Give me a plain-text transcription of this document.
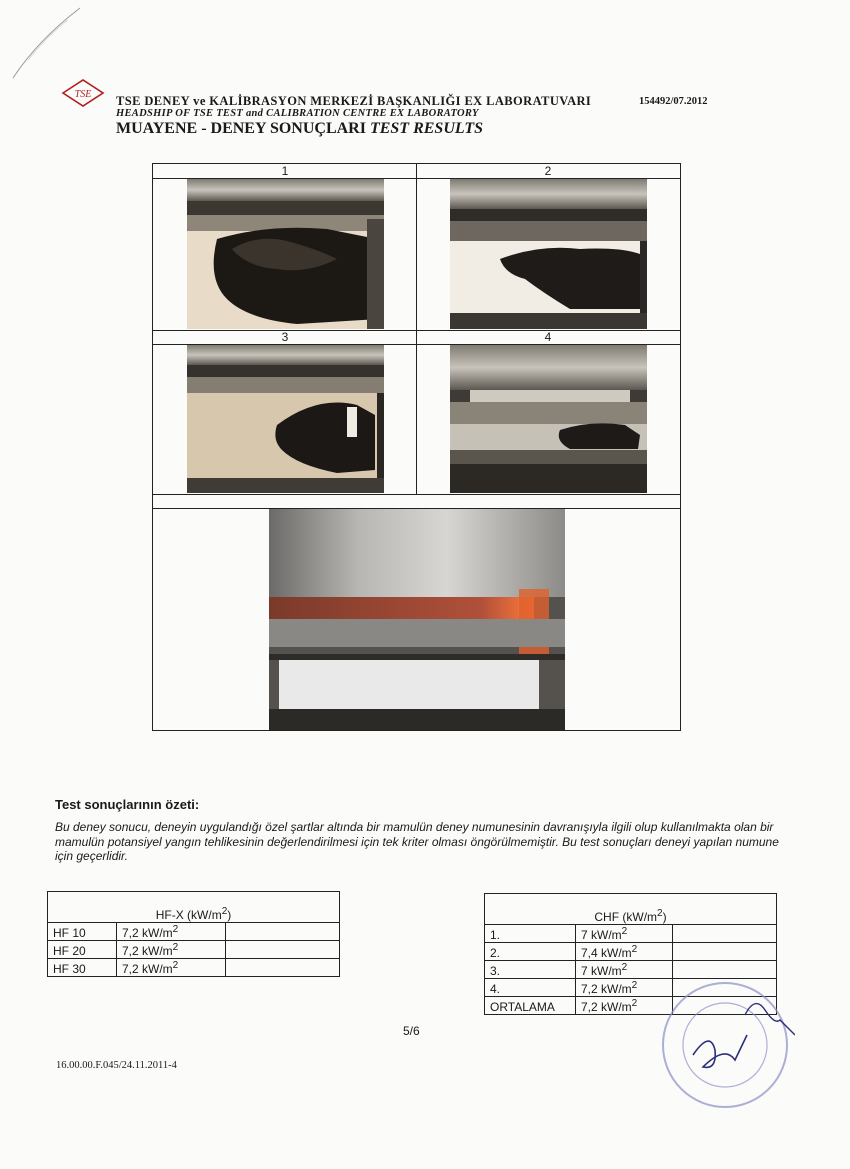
TSE TSE DENEY ve KALİBRASYON MERKEZİ BAŞKANLIĞI EX LABORATUVARI
HEADSHIP OF TSE TEST and CALIBRATION CENTRE EX LABORATORY
MUAYENE - DENEY SONUÇLARI TEST RESULTS
154492/07.2012
1	2
3	4
Test sonuçlarının özeti:
Bu deney sonucu, deneyin uygulandığı özel şartlar altında bir mamulün deney numunesinin davranışıyla ilgili olup kullanılmakta olan bir mamulün potansiyel yangın tehlikesinin değerlendirilmesi için tek kriter olması öngörülmemiştir. Bu test sonuçları deneyi yapılan numune için geçerlidir.
HF-X $(kW/m^2)$		
HF 10	7,2 $kW/m^2$	
HF 20	7,2 $kW/m^2$	
HF 30	7,2 $kW/m^2$	
CHF $(kW/m^2)$		
1.	7 $kW/m^2$	
2.	7,4 $kW/m^2$	
3.	7 $kW/m^2$	
4.	7,2 $kW/m^2$	
ORTALAMA	7,2 $kW/m^2$	
5/6
16.00.00.F.045/24.11.2011-4
